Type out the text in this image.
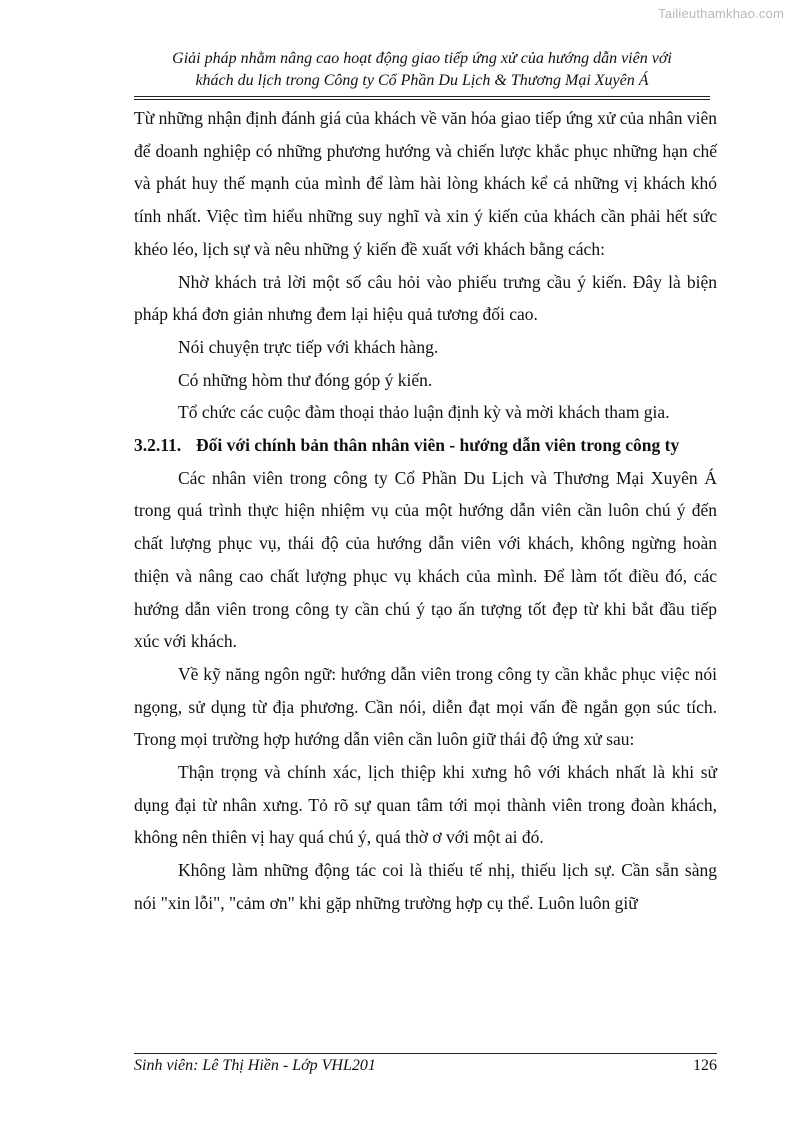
Tailieuthamkhao.com
Giải pháp nhằm nâng cao hoạt động giao tiếp ứng xử của hướng dẫn viên với
khách du lịch trong Công ty Cổ Phần Du Lịch & Thương Mại Xuyên Á

Từ những nhận định đánh giá của khách về văn hóa giao tiếp ứng xử của nhân viên để doanh nghiệp có những phương hướng và chiến lược khắc phục những hạn chế và phát huy thế mạnh của mình để làm hài lòng khách kể cả những vị khách khó tính nhất. Việc tìm hiểu những suy nghĩ và xin ý kiến của khách cần phải hết sức khéo léo, lịch sự và nêu những ý kiến đề xuất với khách bằng cách:

Nhờ khách trả lời một số câu hỏi vào phiếu trưng cầu ý kiến. Đây là biện pháp khá đơn giản nhưng đem lại hiệu quả tương đối cao.

Nói chuyện trực tiếp với khách hàng.

Có những hòm thư đóng góp ý kiến.

Tổ chức các cuộc đàm thoại thảo luận định kỳ và mời khách tham gia.

3.2.11. Đối với chính bản thân nhân viên - hướng dẫn viên trong công ty

Các nhân viên trong công ty Cổ Phần Du Lịch và Thương Mại Xuyên Á trong quá trình thực hiện nhiệm vụ của một hướng dẫn viên cần luôn chú ý đến chất lượng phục vụ, thái độ của hướng dẫn viên với khách, không ngừng hoàn thiện và nâng cao chất lượng phục vụ khách của mình. Để làm tốt điều đó, các hướng dẫn viên trong công ty cần chú ý tạo ấn tượng tốt đẹp từ khi bắt đầu tiếp xúc với khách.

Về kỹ năng ngôn ngữ: hướng dẫn viên trong công ty cần khắc phục việc nói ngọng, sử dụng từ địa phương. Cần nói, diễn đạt mọi vấn đề ngắn gọn súc tích. Trong mọi trường hợp hướng dẫn viên cần luôn giữ thái độ ứng xử sau:

Thận trọng và chính xác, lịch thiệp khi xưng hô với khách nhất là khi sử dụng đại từ nhân xưng. Tỏ rõ sự quan tâm tới mọi thành viên trong đoàn khách, không nên thiên vị hay quá chú ý, quá thờ ơ với một ai đó.

Không làm những động tác coi là thiếu tế nhị, thiếu lịch sự. Cần sẵn sàng nói "xin lỗi", "cảm ơn" khi gặp những trường hợp cụ thể. Luôn luôn giữ

Sinh viên: Lê Thị Hiền - Lớp VHL201	126
